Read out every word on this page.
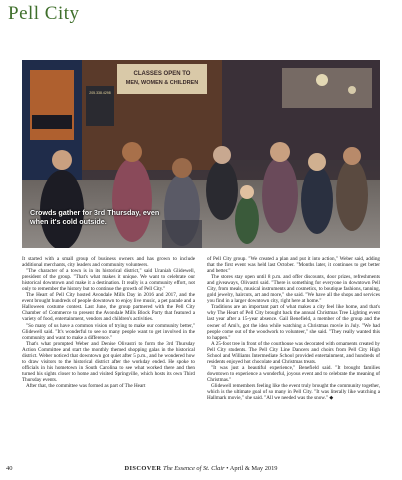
Pell City
CLASSES OPEN TO
MEN, WOMEN & CHILDREN
205.338.4298
Crowds gather for 3rd Thursday, even when it's cold outside.

It started with a small group of business owners and has grown to include additional merchants, city leaders and community volunteers.

"The character of a town is in its historical district," said Uraniah Glidewell, president of the group. "That's what makes it unique. We want to celebrate our historical downtown and make it a destination. It really is a community effort, not only to remember the history but to continue the growth of Pell City."

The Heart of Pell City hosted Avondale Mills Day in 2016 and 2017, and the event brought hundreds of people downtown to enjoy live music, a pet parade and a Halloween costume contest. Last June, the group partnered with the Pell City Chamber of Commerce to present the Avondale Mills Block Party that featured a variety of food, entertainment, vendors and children's activities.

"So many of us have a common vision of trying to make our community better," Glidewell said. "It's wonderful to see so many people want to get involved in the community and want to make a difference."

That's what prompted Weber and Denise Olivastri to form the 3rd Thursday Action Committee and start the monthly themed shopping galas in the historical district. Weber noticed that downtown got quiet after 5 p.m., and he wondered how to draw visitors to the historical district after the workday ended. He spoke to officials in his hometown in South Carolina to see what worked there and then turned his sights closer to home and visited Springville, which hosts its own Third Thursday events.

After that, the committee was formed as part of The Heart

of Pell City group. "We created a plan and put it into action," Weber said, adding that the first event was held last October. "Months later, it continues to get better and better."

The stores stay open until 8 p.m. and offer discounts, door prizes, refreshments and giveaways, Olivastri said. "There is something for everyone in downtown Pell City, from meals, musical instruments and cosmetics, to boutique fashions, tanning, gold jewelry, haircuts, art and more," she said. "We have all the shops and services you find in a larger downtown city, right here at home."

Traditions are an important part of what makes a city feel like home, and that's why The Heart of Pell City brought back the annual Christmas Tree Lighting event last year after a 15-year absence. Gail Benefield, a member of the group and the owner of Ami's, got the idea while watching a Christmas movie in July. "We had people come out of the woodwork to volunteer," she said. "They really wanted this to happen."

A 25-foot tree in front of the courthouse was decorated with ornaments created by Pell City students. The Pell City Line Dancers and choirs from Pell City High School and Williams Intermediate School provided entertainment, and hundreds of residents enjoyed hot chocolate and Christmas treats.

"It was just a beautiful experience," Benefield said. "It brought families downtown to experience a wonderful, joyous event and to celebrate the meaning of Christmas."

Glidewell remembers feeling like the event truly brought the community together, which is the ultimate goal of so many in Pell City. "It was literally like watching a Hallmark movie," she said. "All we needed was the snow." ◆

40	DISCOVER The Essence of St. Clair • April & May 2019
